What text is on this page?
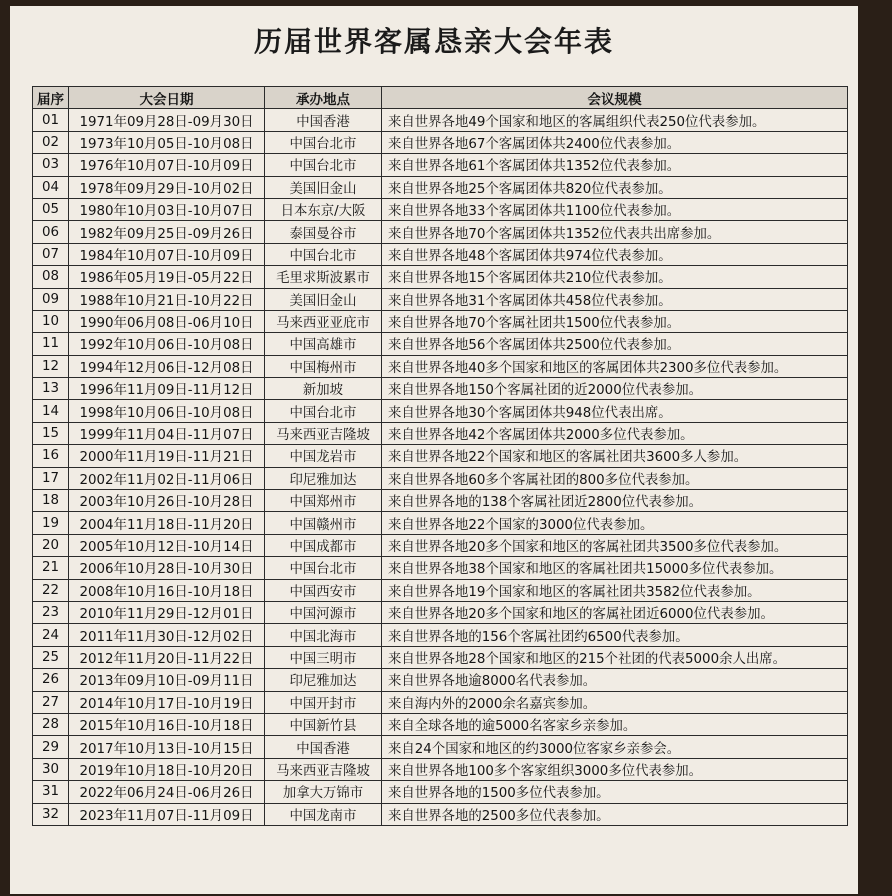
历届世界客属恳亲大会年表
届序	大会日期	承办地点	会议规模
01	1971年09月28日-09月30日	中国香港	来自世界各地49个国家和地区的客属组织代表250位代表参加。
02	1973年10月05日-10月08日	中国台北市	来自世界各地67个客属团体共2400位代表参加。
03	1976年10月07日-10月09日	中国台北市	来自世界各地61个客属团体共1352位代表参加。
04	1978年09月29日-10月02日	美国旧金山	来自世界各地25个客属团体共820位代表参加。
05	1980年10月03日-10月07日	日本东京/大阪	来自世界各地33个客属团体共1100位代表参加。
06	1982年09月25日-09月26日	泰国曼谷市	来自世界各地70个客属团体共1352位代表共出席参加。
07	1984年10月07日-10月09日	中国台北市	来自世界各地48个客属团体共974位代表参加。
08	1986年05月19日-05月22日	毛里求斯波累市	来自世界各地15个客属团体共210位代表参加。
09	1988年10月21日-10月22日	美国旧金山	来自世界各地31个客属团体共458位代表参加。
10	1990年06月08日-06月10日	马来西亚亚庇市	来自世界各地70个客属社团共1500位代表参加。
11	1992年10月06日-10月08日	中国高雄市	来自世界各地56个客属团体共2500位代表参加。
12	1994年12月06日-12月08日	中国梅州市	来自世界各地40多个国家和地区的客属团体共2300多位代表参加。
13	1996年11月09日-11月12日	新加坡	来自世界各地150个客属社团的近2000位代表参加。
14	1998年10月06日-10月08日	中国台北市	来自世界各地30个客属团体共948位代表出席。
15	1999年11月04日-11月07日	马来西亚吉隆坡	来自世界各地42个客属团体共2000多位代表参加。
16	2000年11月19日-11月21日	中国龙岩市	来自世界各地22个国家和地区的客属社团共3600多人参加。
17	2002年11月02日-11月06日	印尼雅加达	来自世界各地60多个客属社团的800多位代表参加。
18	2003年10月26日-10月28日	中国郑州市	来自世界各地的138个客属社团近2800位代表参加。
19	2004年11月18日-11月20日	中国赣州市	来自世界各地22个国家的3000位代表参加。
20	2005年10月12日-10月14日	中国成都市	来自世界各地20多个国家和地区的客属社团共3500多位代表参加。
21	2006年10月28日-10月30日	中国台北市	来自世界各地38个国家和地区的客属社团共15000多位代表参加。
22	2008年10月16日-10月18日	中国西安市	来自世界各地19个国家和地区的客属社团共3582位代表参加。
23	2010年11月29日-12月01日	中国河源市	来自世界各地20多个国家和地区的客属社团近6000位代表参加。
24	2011年11月30日-12月02日	中国北海市	来自世界各地的156个客属社团约6500代表参加。
25	2012年11月20日-11月22日	中国三明市	来自世界各地28个国家和地区的215个社团的代表5000余人出席。
26	2013年09月10日-09月11日	印尼雅加达	来自世界各地逾8000名代表参加。
27	2014年10月17日-10月19日	中国开封市	来自海内外的2000余名嘉宾参加。
28	2015年10月16日-10月18日	中国新竹县	来自全球各地的逾5000名客家乡亲参加。
29	2017年10月13日-10月15日	中国香港	来自24个国家和地区的约3000位客家乡亲参会。
30	2019年10月18日-10月20日	马来西亚吉隆坡	来自世界各地100多个客家组织3000多位代表参加。
31	2022年06月24日-06月26日	加拿大万锦市	来自世界各地的1500多位代表参加。
32	2023年11月07日-11月09日	中国龙南市	来自世界各地的2500多位代表参加。
